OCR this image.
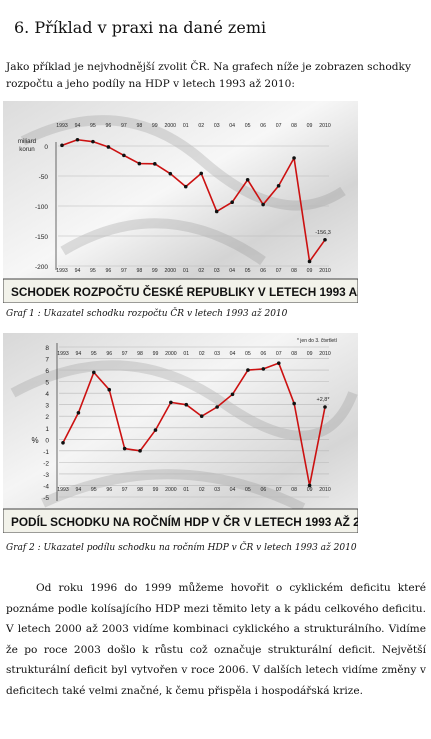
6. Příklad v praxi na dané zemi
Jako příklad je nejvhodnější zvolit ČR. Na grafech níže je zobrazen schodky rozpočtu a jeho podíly na HDP v letech 1993 až 2010:
SCHODEK ROZPOČTU ČESKÉ REPUBLIKY V LETECH 1993 AŽ 2010
0
-50
-100
-150
-200
1993
1993
94
94
95
95
96
96
97
97
98
98
99
99
2000
2000
01
01
02
02
03
03
04
04
05
05
06
06
07
07
08
08
09
09
2010
2010
miliard
korun
-156,3
Graf 1 : Ukazatel schodku rozpočtu ČR v letech 1993 až 2010
PODÍL SCHODKU NA ROČNÍM HDP V ČR V LETECH 1993 AŽ 2010
8
7
6
5
4
3
2
1
0
-1
-2
-3
-4
-5
1993
1993
94
94
95
95
96
96
97
97
98
98
99
99
2000
2000
01
01
02
02
03
03
04
04
05
05
06
06
07
07
08
08
09
09
2010
2010
%
+2,8*
* jen do 3. čtvrtletí
Graf 2 : Ukazatel podílu schodku na ročním HDP v ČR v letech 1993 až 2010

Od roku 1996 do 1999 můžeme hovořit o cyklickém deficitu které poznáme podle kolísajícího HDP mezi těmito lety a k pádu celkového deficitu. V letech 2000 až 2003 vidíme kombinaci cyklického a strukturálního. Vidíme že po roce 2003 došlo k růstu což označuje strukturální deficit. Největší strukturální deficit byl vytvořen v roce 2006. V dalších letech vidíme změny v deficitech také velmi značné, k čemu přispěla i hospodářská krize.
